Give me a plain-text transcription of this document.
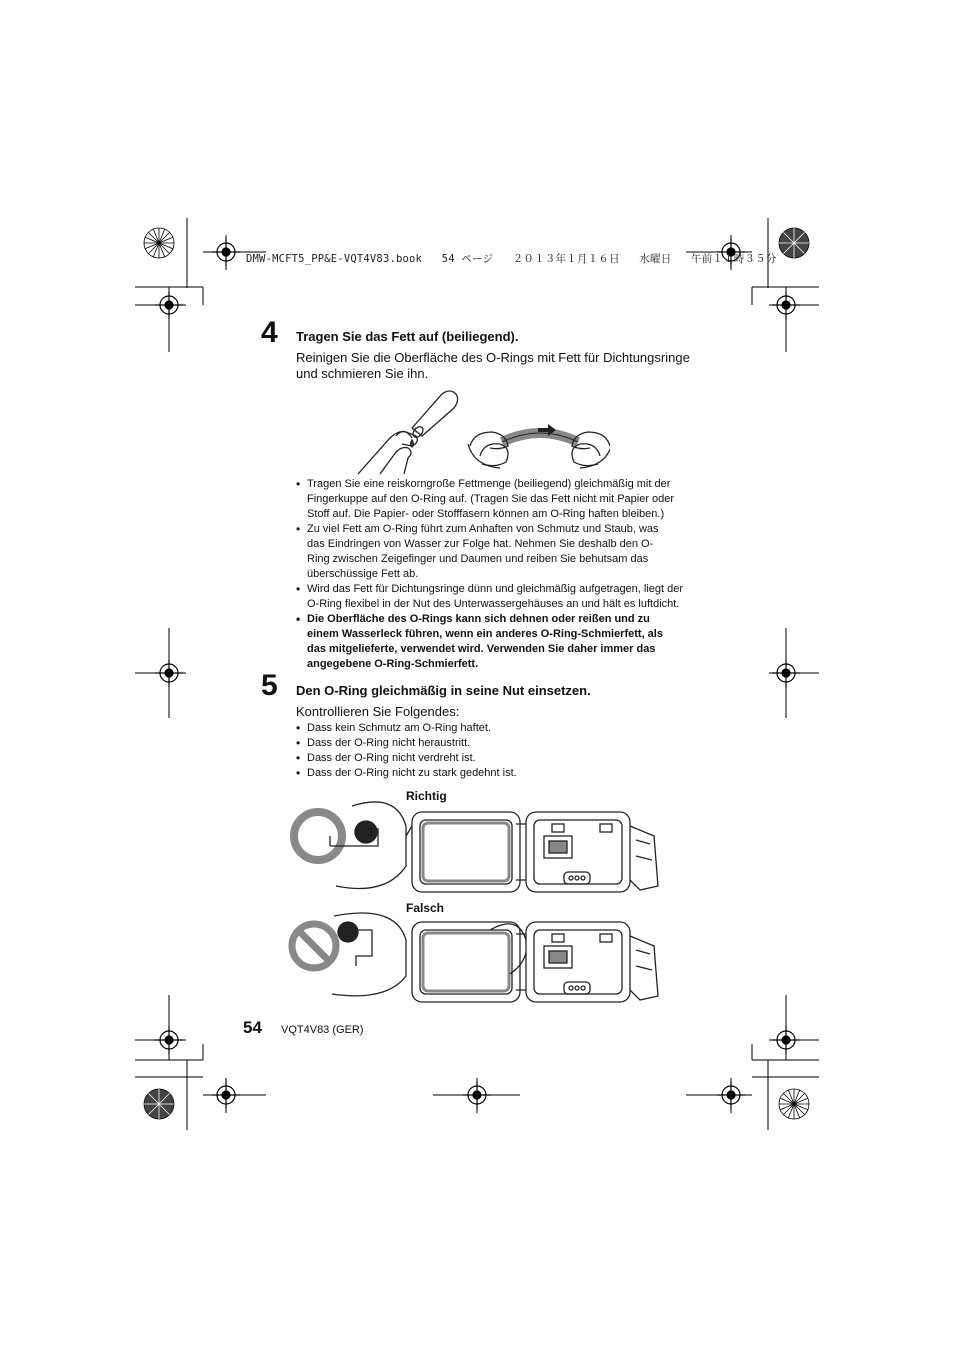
DMW-MCFT5_PP&E-VQT4V83.book 54 ページ ２０１３年１月１６日 水曜日 午前１１時３５分
4 Tragen Sie das Fett auf (beiliegend).
Reinigen Sie die Oberfläche des O-Rings mit Fett für Dichtungsringe
und schmieren Sie ihn.
• Tragen Sie eine reiskorngroße Fettmenge (beiliegend) gleichmäßig mit der
Fingerkuppe auf den O-Ring auf. (Tragen Sie das Fett nicht mit Papier oder
Stoff auf. Die Papier- oder Stofffasern können am O-Ring haften bleiben.)
• Zu viel Fett am O-Ring führt zum Anhaften von Schmutz und Staub, was
das Eindringen von Wasser zur Folge hat. Nehmen Sie deshalb den O-
Ring zwischen Zeigefinger und Daumen und reiben Sie behutsam das
überschüssige Fett ab.
• Wird das Fett für Dichtungsringe dünn und gleichmäßig aufgetragen, liegt der
O-Ring flexibel in der Nut des Unterwassergehäuses an und hält es luftdicht.
• Die Oberfläche des O-Rings kann sich dehnen oder reißen und zu
einem Wasserleck führen, wenn ein anderes O-Ring-Schmierfett, als
das mitgelieferte, verwendet wird. Verwenden Sie daher immer das
angegebene O-Ring-Schmierfett.
5 Den O-Ring gleichmäßig in seine Nut einsetzen.
Kontrollieren Sie Folgendes:
• Dass kein Schmutz am O-Ring haftet.
• Dass der O-Ring nicht heraustritt.
• Dass der O-Ring nicht verdreht ist.
• Dass der O-Ring nicht zu stark gedehnt ist.
Richtig
Falsch
54 VQT4V83 (GER)
